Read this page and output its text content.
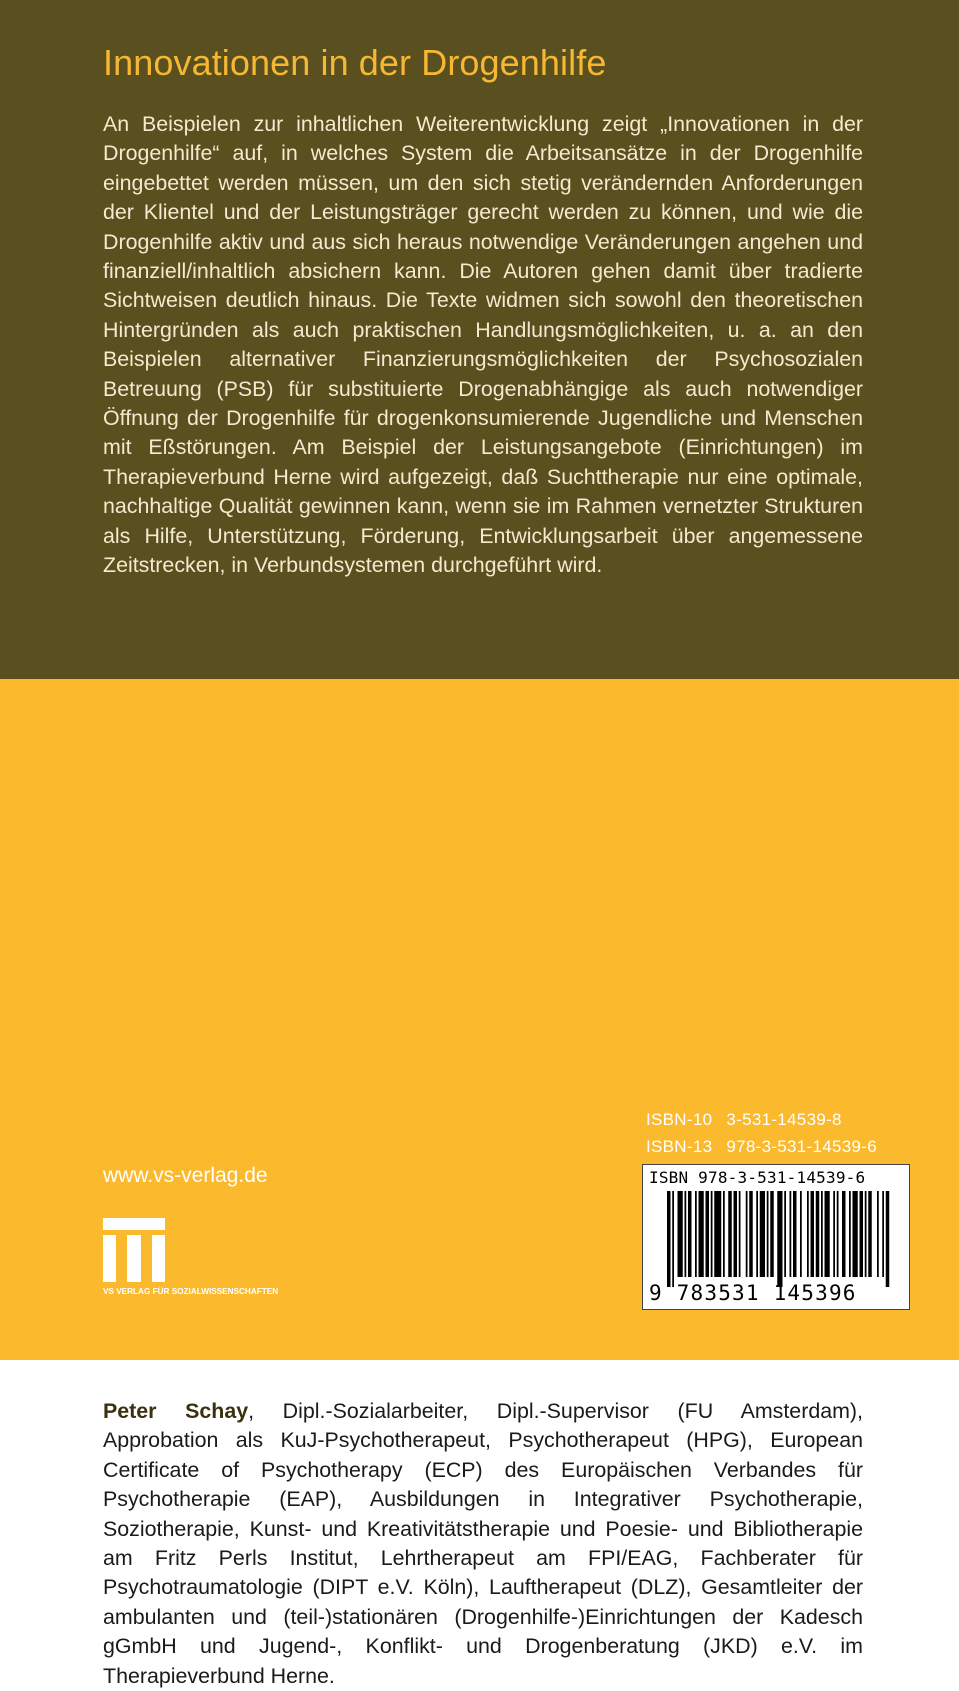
Innovationen in der Drogenhilfe

An Beispielen zur inhaltlichen Weiterentwicklung zeigt „Innovationen in der Drogenhilfe“ auf, in welches System die Arbeitsansätze in der Drogenhilfe eingebettet werden müssen, um den sich stetig verändernden Anforderungen der Klientel und der Leistungsträger gerecht werden zu können, und wie die Drogenhilfe aktiv und aus sich heraus notwendige Veränderungen angehen und finanziell/inhaltlich absichern kann. Die Autoren gehen damit über tradierte Sichtweisen deutlich hinaus. Die Texte widmen sich sowohl den theoretischen Hintergründen als auch praktischen Handlungsmöglichkeiten, u. a. an den Beispielen alternativer Finanzierungsmöglichkeiten der Psychosozialen Betreuung (PSB) für substituierte Drogenabhängige als auch notwendiger Öffnung der Drogenhilfe für drogenkonsumierende Jugendliche und Menschen mit Eßstörungen. Am Beispiel der Leistungsangebote (Einrichtungen) im Therapieverbund Herne wird aufgezeigt, daß Suchttherapie nur eine optimale, nachhaltige Qualität gewinnen kann, wenn sie im Rahmen vernetzter Strukturen als Hilfe, Unterstützung, Förderung, Entwicklungsarbeit über angemessene Zeitstrecken, in Verbundsystemen durchgeführt wird.

Peter Schay, Dipl.-Sozialarbeiter, Dipl.-Supervisor (FU Amsterdam), Approbation als KuJ-Psychotherapeut, Psychotherapeut (HPG), European Certificate of Psychotherapy (ECP) des Europäischen Verbandes für Psychotherapie (EAP), Ausbildungen in Integrativer Psychotherapie, Soziotherapie, Kunst- und Kreativitätstherapie und Poesie- und Bibliotherapie am Fritz Perls Institut, Lehrtherapeut am FPI/EAG, Fachberater für Psychotraumatologie (DIPT e.V. Köln), Lauftherapeut (DLZ), Gesamtleiter der ambulanten und (teil-)stationären (Drogenhilfe-)Einrichtungen der Kadesch gGmbH und Jugend-, Konflikt- und Drogenberatung (JKD) e.V. im Therapieverbund Herne.

www.vs-verlag.de
VS VERLAG FÜR SOZIALWISSENSCHAFTEN
ISBN-10 3-531-14539-8
ISBN-13 978-3-531-14539-6
ISBN 978-3-531-14539-6
9 783531 145396
